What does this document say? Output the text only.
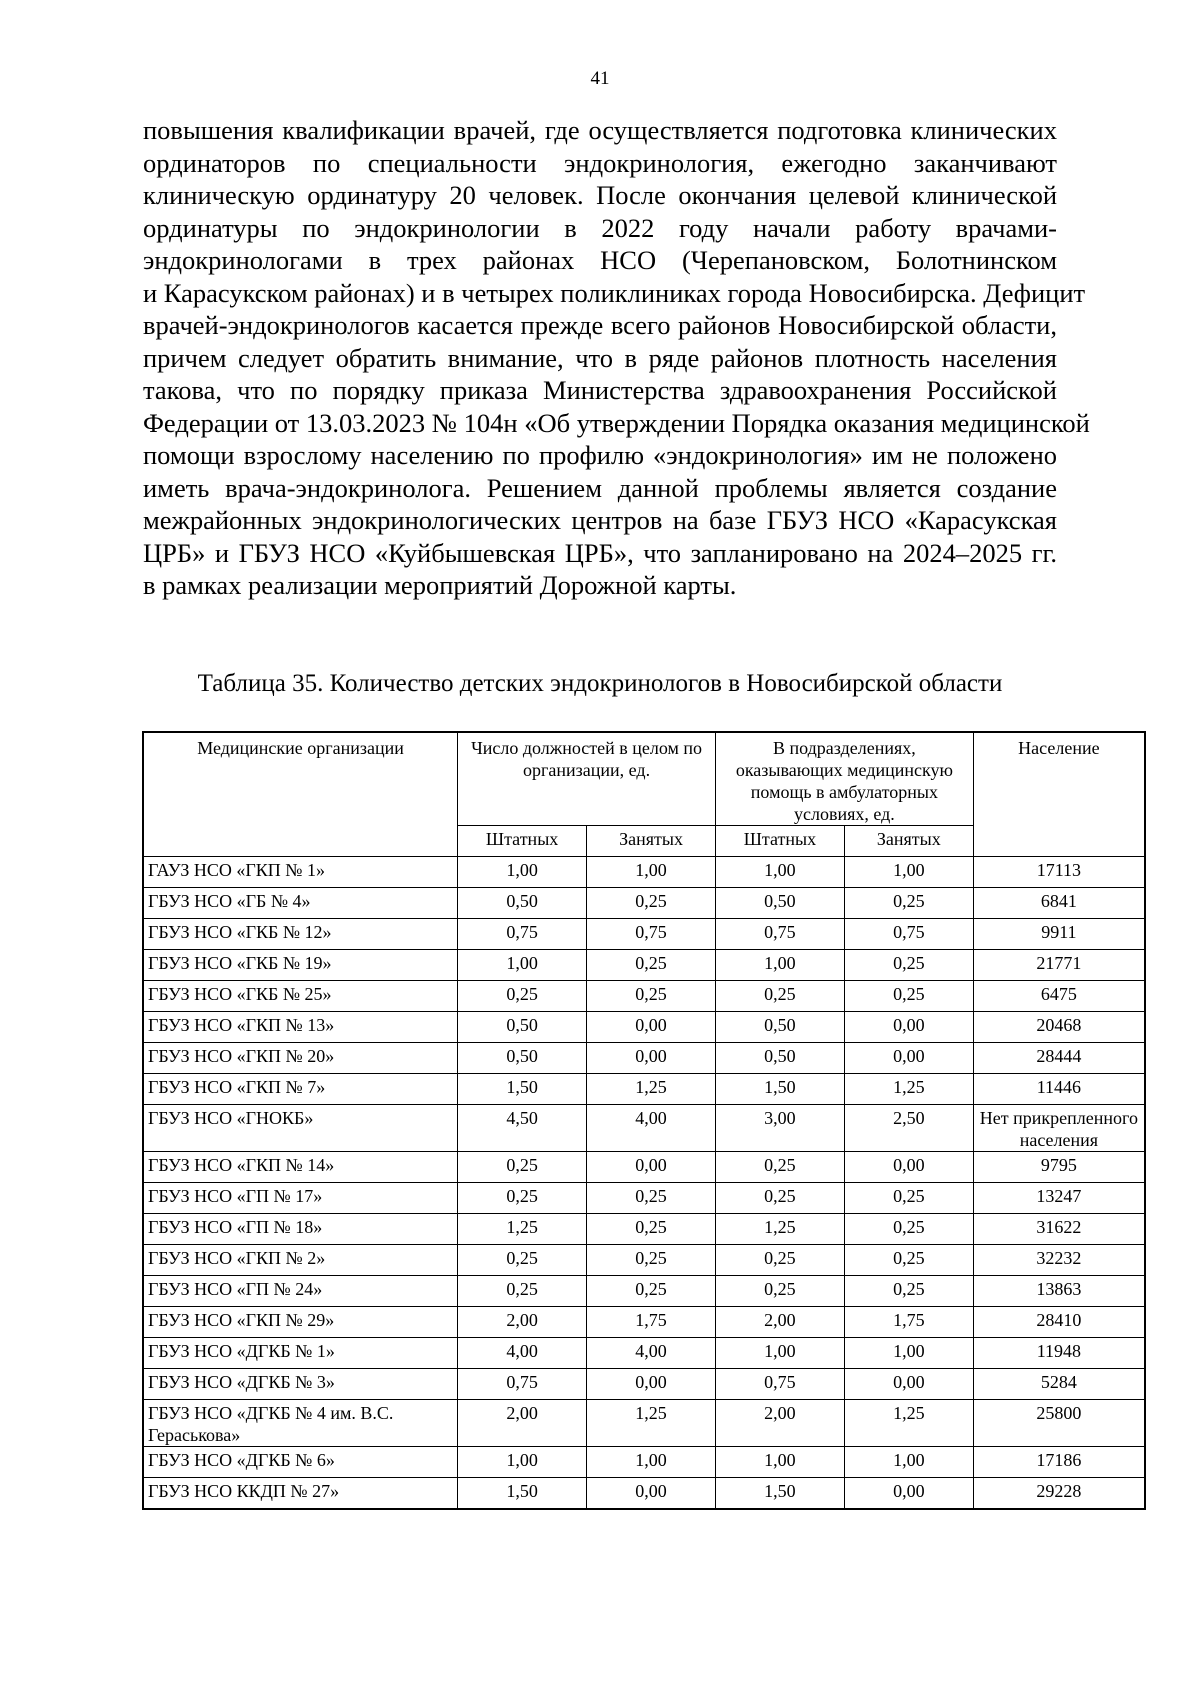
41
повышения квалификации врачей, где осуществляется подготовка клинических
ординаторов по специальности эндокринология, ежегодно заканчивают
клиническую ординатуру 20 человек. После окончания целевой клинической
ординатуры по эндокринологии в 2022 году начали работу врачами-
эндокринологами в трех районах НСО (Черепановском, Болотнинском
и Карасукском районах) и в четырех поликлиниках города Новосибирска. Дефицит
врачей-эндокринологов касается прежде всего районов Новосибирской области,
причем следует обратить внимание, что в ряде районов плотность населения
такова, что по порядку приказа Министерства здравоохранения Российской
Федерации от 13.03.2023 № 104н «Об утверждении Порядка оказания медицинской
помощи взрослому населению по профилю «эндокринология» им не положено
иметь врача-эндокринолога. Решением данной проблемы является создание
межрайонных эндокринологических центров на базе ГБУЗ НСО «Карасукская
ЦРБ» и ГБУЗ НСО «Куйбышевская ЦРБ», что запланировано на 2024–2025 гг.
в рамках реализации мероприятий Дорожной карты.
Таблица 35. Количество детских эндокринологов в Новосибирской области
Медицинские организации	Число должностей в целом по организации, ед.		В подразделениях, оказывающих медицинскую помощь в амбулаторных условиях, ед.		Население
	Штатных	Занятых	Штатных	Занятых	
ГАУЗ НСО «ГКП № 1»	1,00	1,00	1,00	1,00	17113
ГБУЗ НСО «ГБ № 4»	0,50	0,25	0,50	0,25	6841
ГБУЗ НСО «ГКБ № 12»	0,75	0,75	0,75	0,75	9911
ГБУЗ НСО «ГКБ № 19»	1,00	0,25	1,00	0,25	21771
ГБУЗ НСО «ГКБ № 25»	0,25	0,25	0,25	0,25	6475
ГБУЗ НСО «ГКП № 13»	0,50	0,00	0,50	0,00	20468
ГБУЗ НСО «ГКП № 20»	0,50	0,00	0,50	0,00	28444
ГБУЗ НСО «ГКП № 7»	1,50	1,25	1,50	1,25	11446
ГБУЗ НСО «ГНОКБ»	4,50	4,00	3,00	2,50	Нет прикрепленного населения
ГБУЗ НСО «ГКП № 14»	0,25	0,00	0,25	0,00	9795
ГБУЗ НСО «ГП № 17»	0,25	0,25	0,25	0,25	13247
ГБУЗ НСО «ГП № 18»	1,25	0,25	1,25	0,25	31622
ГБУЗ НСО «ГКП № 2»	0,25	0,25	0,25	0,25	32232
ГБУЗ НСО «ГП № 24»	0,25	0,25	0,25	0,25	13863
ГБУЗ НСО «ГКП № 29»	2,00	1,75	2,00	1,75	28410
ГБУЗ НСО «ДГКБ № 1»	4,00	4,00	1,00	1,00	11948
ГБУЗ НСО «ДГКБ № 3»	0,75	0,00	0,75	0,00	5284
ГБУЗ НСО «ДГКБ № 4 им. В.С. Гераськова»	2,00	1,25	2,00	1,25	25800
ГБУЗ НСО «ДГКБ № 6»	1,00	1,00	1,00	1,00	17186
ГБУЗ НСО ККДП № 27»	1,50	0,00	1,50	0,00	29228
